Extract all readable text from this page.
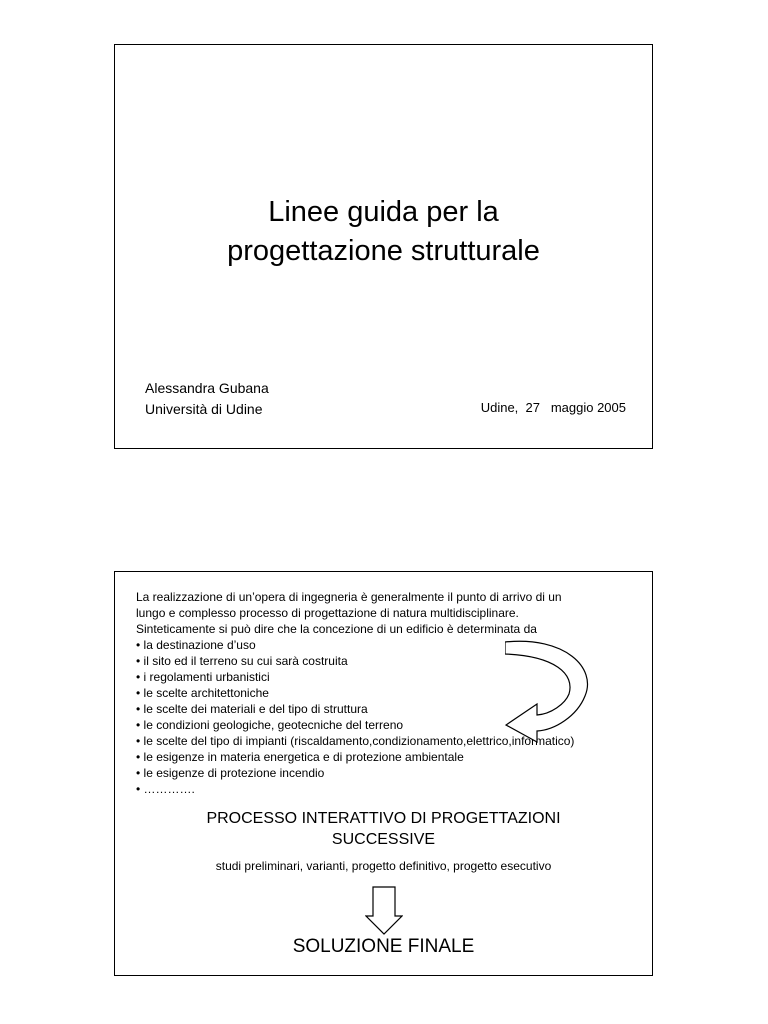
Linee guida per la
progettazione strutturale
Alessandra Gubana
Università di Udine	Udine,  27   maggio 2005
La realizzazione di un’opera di ingegneria è generalmente il punto di arrivo di un
lungo e complesso processo di progettazione di natura multidisciplinare.
Sinteticamente si può dire che la concezione di un edificio è determinata da
• la destinazione d’uso
• il sito ed il terreno su cui sarà costruita
• i regolamenti urbanistici
• le scelte architettoniche
• le scelte dei materiali e del tipo di struttura
• le condizioni geologiche, geotecniche del terreno
• le scelte del tipo di impianti (riscaldamento,condizionamento,elettrico,informatico)
• le esigenze in materia energetica e di protezione ambientale
• le esigenze di protezione incendio
• ………….
PROCESSO INTERATTIVO DI PROGETTAZIONI
SUCCESSIVE
studi preliminari, varianti, progetto definitivo, progetto esecutivo
SOLUZIONE FINALE
